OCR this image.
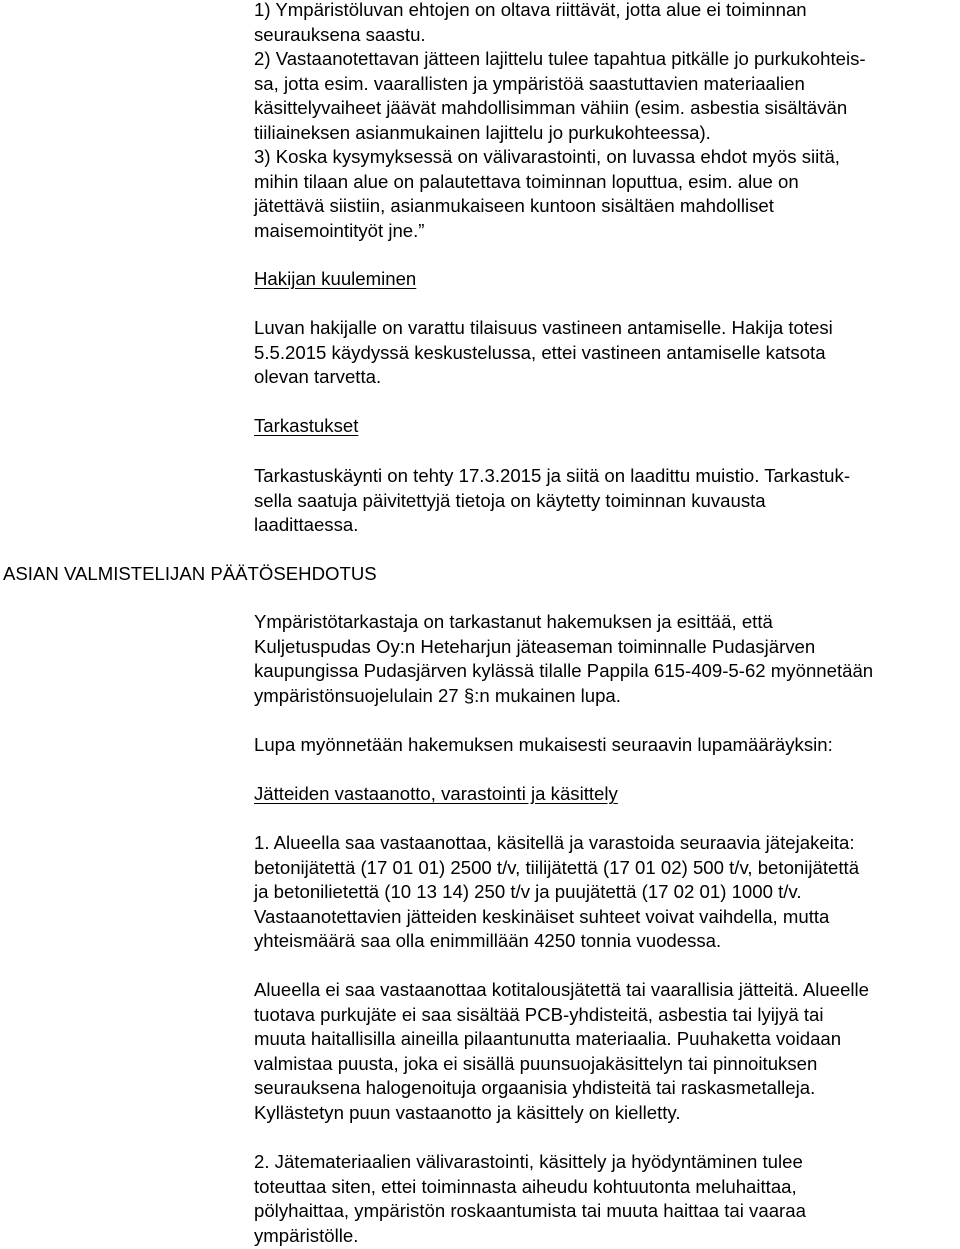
1) Ympäristöluvan ehtojen on oltava riittävät, jotta alue ei toiminnan
seurauksena saastu.
2) Vastaanotettavan jätteen lajittelu tulee tapahtua pitkälle jo purkukohteis-
sa, jotta esim. vaarallisten ja ympäristöä saastuttavien materiaalien
käsittelyvaiheet jäävät mahdollisimman vähiin (esim. asbestia sisältävän
tiiliaineksen asianmukainen lajittelu jo purkukohteessa).
3) Koska kysymyksessä on välivarastointi, on luvassa ehdot myös siitä,
mihin tilaan alue on palautettava toiminnan loputtua, esim. alue on
jätettävä siistiin, asianmukaiseen kuntoon sisältäen mahdolliset
maisemointityöt jne.”
Hakijan kuuleminen
Luvan hakijalle on varattu tilaisuus vastineen antamiselle. Hakija totesi
5.5.2015 käydyssä keskustelussa, ettei vastineen antamiselle katsota
olevan tarvetta.
Tarkastukset
Tarkastuskäynti on tehty 17.3.2015 ja siitä on laadittu muistio. Tarkastuk-
sella saatuja päivitettyjä tietoja on käytetty toiminnan kuvausta
laadittaessa.
Ympäristötarkastaja on tarkastanut hakemuksen ja esittää, että
Kuljetuspudas Oy:n Heteharjun jäteaseman toiminnalle Pudasjärven
kaupungissa Pudasjärven kylässä tilalle Pappila 615-409-5-62 myönnetään
ympäristönsuojelulain 27 §:n mukainen lupa.
Lupa myönnetään hakemuksen mukaisesti seuraavin lupamääräyksin:
Jätteiden vastaanotto, varastointi ja käsittely
1. Alueella saa vastaanottaa, käsitellä ja varastoida seuraavia jätejakeita:
betonijätettä (17 01 01) 2500 t/v, tiilijätettä (17 01 02) 500 t/v, betonijätettä
ja betonilietettä (10 13 14) 250 t/v ja puujätettä (17 02 01) 1000 t/v.
Vastaanotettavien jätteiden keskinäiset suhteet voivat vaihdella, mutta
yhteismäärä saa olla enimmillään 4250 tonnia vuodessa.
Alueella ei saa vastaanottaa kotitalousjätettä tai vaarallisia jätteitä. Alueelle
tuotava purkujäte ei saa sisältää PCB-yhdisteitä, asbestia tai lyijyä tai
muuta haitallisilla aineilla pilaantunutta materiaalia. Puuhaketta voidaan
valmistaa puusta, joka ei sisällä puunsuojakäsittelyn tai pinnoituksen
seurauksena halogenoituja orgaanisia yhdisteitä tai raskasmetalleja.
Kyllästetyn puun vastaanotto ja käsittely on kielletty.
2. Jätemateriaalien välivarastointi, käsittely ja hyödyntäminen tulee
toteuttaa siten, ettei toiminnasta aiheudu kohtuutonta meluhaittaa,
pölyhaittaa, ympäristön roskaantumista tai muuta haittaa tai vaaraa
ympäristölle.
ASIAN VALMISTELIJAN PÄÄTÖSEHDOTUS
